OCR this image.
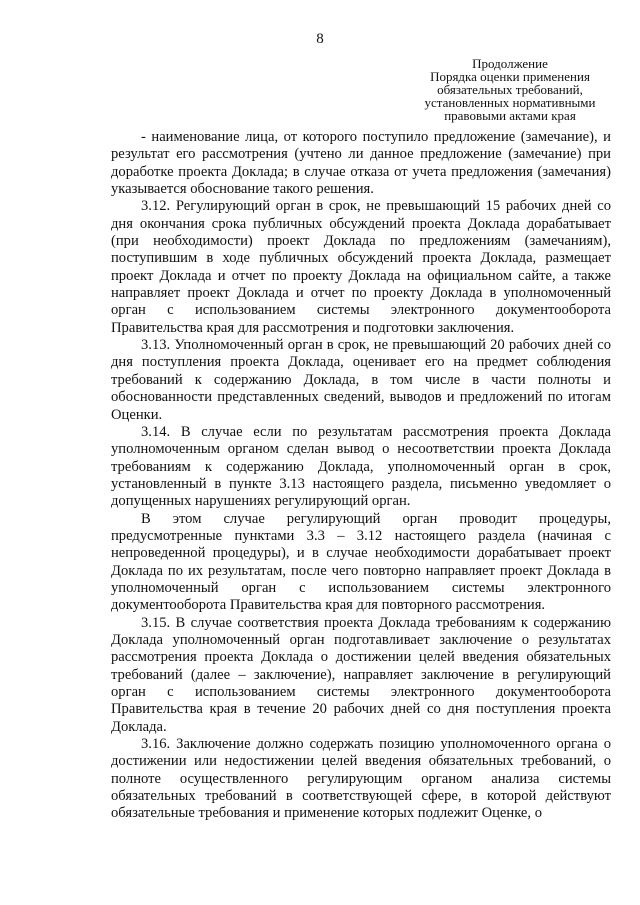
8
Продолжение
Порядка оценки применения
обязательных требований,
установленных нормативными
правовыми актами края

- наименование лица, от которого поступило предложение (замечание), и результат его рассмотрения (учтено ли данное предложение (замечание) при доработке проекта Доклада; в случае отказа от учета предложения (замечания) указывается обоснование такого решения.

3.12. Регулирующий орган в срок, не превышающий 15 рабочих дней со дня окончания срока публичных обсуждений проекта Доклада дорабатывает (при необходимости) проект Доклада по предложениям (замечаниям), поступившим в ходе публичных обсуждений проекта Доклада, размещает проект Доклада и отчет по проекту Доклада на официальном сайте, а также направляет проект Доклада и отчет по проекту Доклада в уполномоченный орган с использованием системы электронного документооборота Правительства края для рассмотрения и подготовки заключения.

3.13. Уполномоченный орган в срок, не превышающий 20 рабочих дней со дня поступления проекта Доклада, оценивает его на предмет соблюдения требований к содержанию Доклада, в том числе в части полноты и обоснованности представленных сведений, выводов и предложений по итогам Оценки.

3.14. В случае если по результатам рассмотрения проекта Доклада уполномоченным органом сделан вывод о несоответствии проекта Доклада требованиям к содержанию Доклада, уполномоченный орган в срок, установленный в пункте 3.13 настоящего раздела, письменно уведомляет о допущенных нарушениях регулирующий орган.

В этом случае регулирующий орган проводит процедуры, предусмотренные пунктами 3.3 – 3.12 настоящего раздела (начиная с непроведенной процедуры), и в случае необходимости дорабатывает проект Доклада по их результатам, после чего повторно направляет проект Доклада в уполномоченный орган с использованием системы электронного документооборота Правительства края для повторного рассмотрения.

3.15. В случае соответствия проекта Доклада требованиям к содержанию Доклада уполномоченный орган подготавливает заключение о результатах рассмотрения проекта Доклада о достижении целей введения обязательных требований (далее – заключение), направляет заключение в регулирующий орган с использованием системы электронного документооборота Правительства края в течение 20 рабочих дней со дня поступления проекта Доклада.

3.16. Заключение должно содержать позицию уполномоченного органа о достижении или недостижении целей введения обязательных требований, о полноте осуществленного регулирующим органом анализа системы обязательных требований в соответствующей сфере, в которой действуют обязательные требования и применение которых подлежит Оценке, о
